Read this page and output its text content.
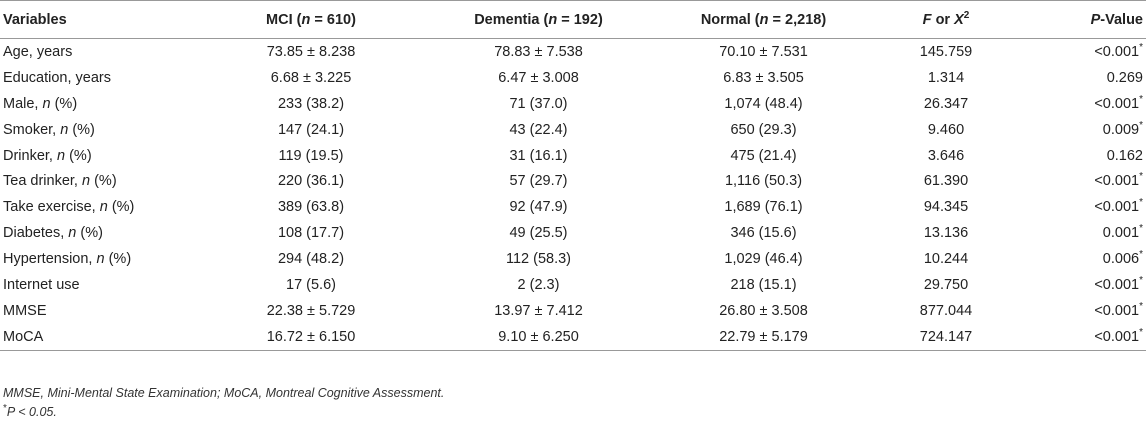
Variables	MCI (n = 610)	Dementia (n = 192)	Normal (n = 2,218)	F or $X^2$	P-Value
Age, years	73.85 ± 8.238	78.83 ± 7.538	70.10 ± 7.531	145.759	<0.001*
Education, years	6.68 ± 3.225	6.47 ± 3.008	6.83 ± 3.505	1.314	0.269
Male, n (%)	233 (38.2)	71 (37.0)	1,074 (48.4)	26.347	<0.001*
Smoker, n (%)	147 (24.1)	43 (22.4)	650 (29.3)	9.460	0.009*
Drinker, n (%)	119 (19.5)	31 (16.1)	475 (21.4)	3.646	0.162
Tea drinker, n (%)	220 (36.1)	57 (29.7)	1,116 (50.3)	61.390	<0.001*
Take exercise, n (%)	389 (63.8)	92 (47.9)	1,689 (76.1)	94.345	<0.001*
Diabetes, n (%)	108 (17.7)	49 (25.5)	346 (15.6)	13.136	0.001*
Hypertension, n (%)	294 (48.2)	112 (58.3)	1,029 (46.4)	10.244	0.006*
Internet use	17 (5.6)	2 (2.3)	218 (15.1)	29.750	<0.001*
MMSE	22.38 ± 5.729	13.97 ± 7.412	26.80 ± 3.508	877.044	<0.001*
MoCA	16.72 ± 6.150	9.10 ± 6.250	22.79 ± 5.179	724.147	<0.001*
MMSE, Mini-Mental State Examination; MoCA, Montreal Cognitive Assessment.
*P < 0.05.
